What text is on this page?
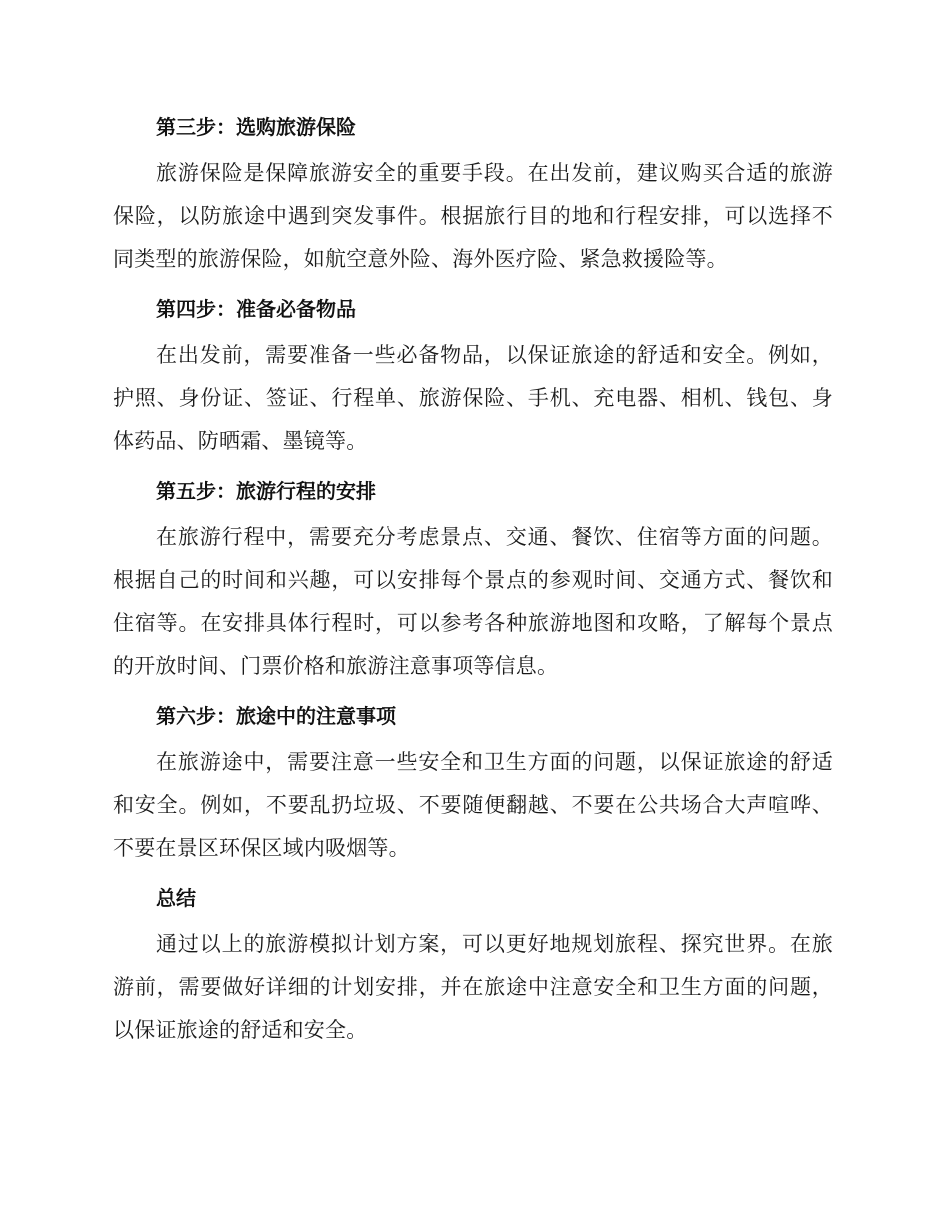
第三步：选购旅游保险

旅游保险是保障旅游安全的重要手段。在出发前，建议购买合适的旅游保险，以防旅途中遇到突发事件。根据旅行目的地和行程安排，可以选择不同类型的旅游保险，如航空意外险、海外医疗险、紧急救援险等。

第四步：准备必备物品

在出发前，需要准备一些必备物品，以保证旅途的舒适和安全。例如，护照、身份证、签证、行程单、旅游保险、手机、充电器、相机、钱包、身体药品、防晒霜、墨镜等。

第五步：旅游行程的安排

在旅游行程中，需要充分考虑景点、交通、餐饮、住宿等方面的问题。根据自己的时间和兴趣，可以安排每个景点的参观时间、交通方式、餐饮和住宿等。在安排具体行程时，可以参考各种旅游地图和攻略，了解每个景点的开放时间、门票价格和旅游注意事项等信息。

第六步：旅途中的注意事项

在旅游途中，需要注意一些安全和卫生方面的问题，以保证旅途的舒适和安全。例如，不要乱扔垃圾、不要随便翻越、不要在公共场合大声喧哗、不要在景区环保区域内吸烟等。

总结

通过以上的旅游模拟计划方案，可以更好地规划旅程、探究世界。在旅游前，需要做好详细的计划安排，并在旅途中注意安全和卫生方面的问题，以保证旅途的舒适和安全。
